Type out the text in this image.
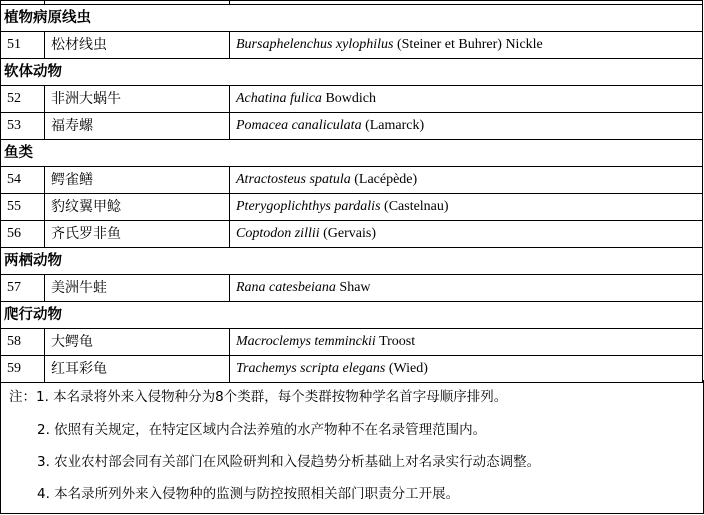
植物病原线虫		
51	松材线虫	Bursaphelenchus xylophilus (Steiner et Buhrer) Nickle
软体动物		
52	非洲大蜗牛	Achatina fulica Bowdich
53	福寿螺	Pomacea canaliculata (Lamarck)
鱼类		
54	鳄雀鳝	Atractosteus spatula (Lacépède)
55	豹纹翼甲鲶	Pterygoplichthys pardalis (Castelnau)
56	齐氏罗非鱼	Coptodon zillii (Gervais)
两栖动物		
57	美洲牛蛙	Rana catesbeiana Shaw
爬行动物		
58	大鳄龟	Macroclemys temminckii Troost
59	红耳彩龟	Trachemys scripta elegans (Wied)
注：1. 本名录将外来入侵物种分为8个类群，每个类群按物种学名首字母顺序排列。
2. 依照有关规定，在特定区域内合法养殖的水产物种不在名录管理范围内。
3. 农业农村部会同有关部门在风险研判和入侵趋势分析基础上对名录实行动态调整。
4. 本名录所列外来入侵物种的监测与防控按照相关部门职责分工开展。
